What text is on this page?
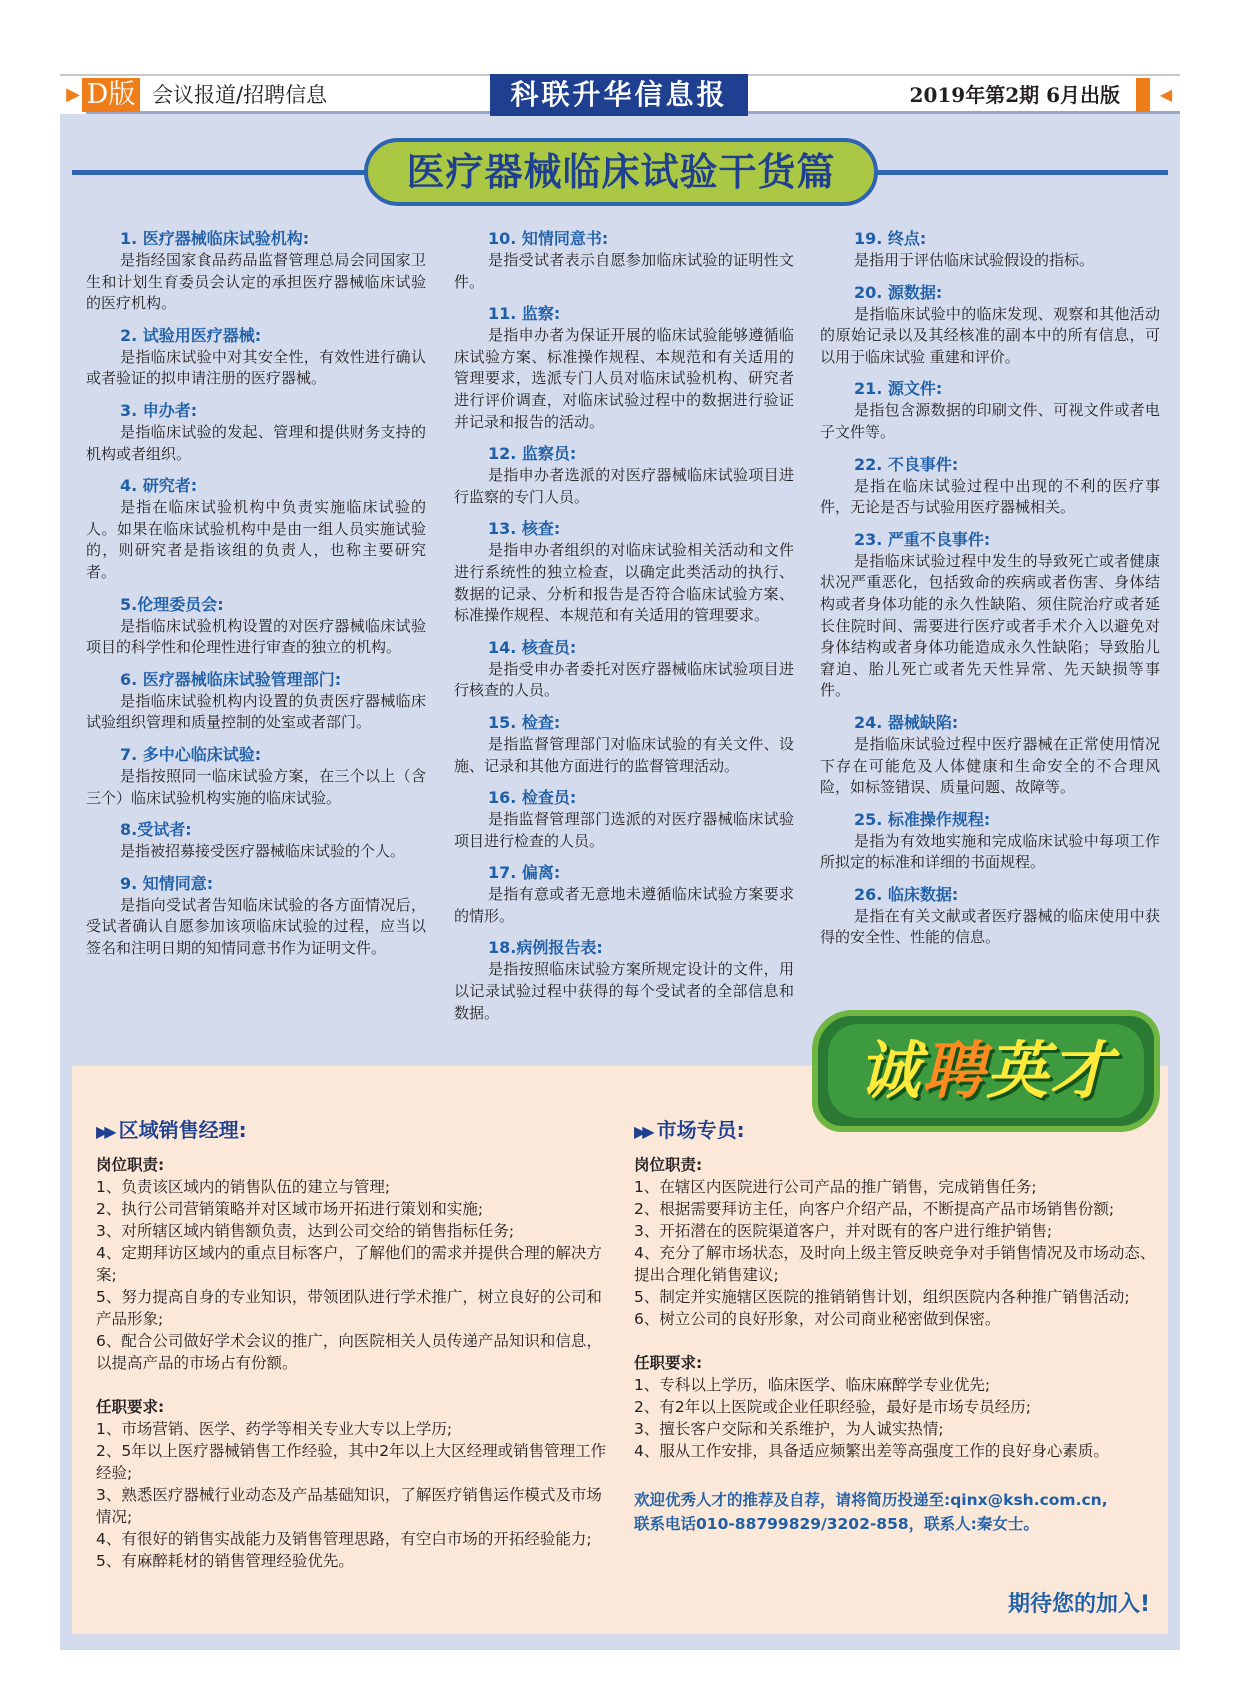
▶ D版 会议报道/招聘信息	科联升华信息报	2019年第2期 6月出版	◀
医疗器械临床试验干货篇
1. 医疗器械临床试验机构:
是指经国家食品药品监督管理总局会同国家卫生和计划生育委员会认定的承担医疗器械临床试验的医疗机构。
2. 试验用医疗器械:
是指临床试验中对其安全性，有效性进行确认或者验证的拟申请注册的医疗器械。
3. 申办者:
是指临床试验的发起、管理和提供财务支持的机构或者组织。
4. 研究者:
是指在临床试验机构中负责实施临床试验的人。如果在临床试验机构中是由一组人员实施试验的，则研究者是指该组的负责人，也称主要研究者。
5.伦理委员会:
是指临床试验机构设置的对医疗器械临床试验项目的科学性和伦理性进行审查的独立的机构。
6. 医疗器械临床试验管理部门:
是指临床试验机构内设置的负责医疗器械临床试验组织管理和质量控制的处室或者部门。
7. 多中心临床试验:
是指按照同一临床试验方案，在三个以上（含三个）临床试验机构实施的临床试验。
8.受试者:
是指被招募接受医疗器械临床试验的个人。
9. 知情同意:
是指向受试者告知临床试验的各方面情况后，受试者确认自愿参加该项临床试验的过程，应当以签名和注明日期的知情同意书作为证明文件。
10. 知情同意书:
是指受试者表示自愿参加临床试验的证明性文件。
11. 监察:
是指申办者为保证开展的临床试验能够遵循临床试验方案、标准操作规程、本规范和有关适用的管理要求，选派专门人员对临床试验机构、研究者进行评价调查，对临床试验过程中的数据进行验证并记录和报告的活动。
12. 监察员:
是指申办者选派的对医疗器械临床试验项目进行监察的专门人员。
13. 核查:
是指申办者组织的对临床试验相关活动和文件进行系统性的独立检查，以确定此类活动的执行、数据的记录、分析和报告是否符合临床试验方案、标准操作规程、本规范和有关适用的管理要求。
14. 核查员:
是指受申办者委托对医疗器械临床试验项目进行核查的人员。
15. 检查:
是指监督管理部门对临床试验的有关文件、设施、记录和其他方面进行的监督管理活动。
16. 检查员:
是指监督管理部门选派的对医疗器械临床试验项目进行检查的人员。
17. 偏离:
是指有意或者无意地未遵循临床试验方案要求的情形。
18.病例报告表:
是指按照临床试验方案所规定设计的文件，用以记录试验过程中获得的每个受试者的全部信息和数据。
19. 终点:
是指用于评估临床试验假设的指标。
20. 源数据:
是指临床试验中的临床发现、观察和其他活动的原始记录以及其经核准的副本中的所有信息，可以用于临床试验 重建和评价。
21. 源文件:
是指包含源数据的印刷文件、可视文件或者电子文件等。
22. 不良事件:
是指在临床试验过程中出现的不利的医疗事件，无论是否与试验用医疗器械相关。
23. 严重不良事件:
是指临床试验过程中发生的导致死亡或者健康状况严重恶化，包括致命的疾病或者伤害、身体结构或者身体功能的永久性缺陷、须住院治疗或者延长住院时间、需要进行医疗或者手术介入以避免对身体结构或者身体功能造成永久性缺陷；导致胎儿窘迫、胎儿死亡或者先天性异常、先天缺损等事件。
24. 器械缺陷:
是指临床试验过程中医疗器械在正常使用情况下存在可能危及人体健康和生命安全的不合理风险，如标签错误、质量问题、故障等。
25. 标准操作规程:
是指为有效地实施和完成临床试验中每项工作所拟定的标准和详细的书面规程。
26. 临床数据:
是指在有关文献或者医疗器械的临床使用中获得的安全性、性能的信息。
诚聘英才
▶▶ 区域销售经理:
岗位职责:
1、负责该区域内的销售队伍的建立与管理;
2、执行公司营销策略并对区域市场开拓进行策划和实施;
3、对所辖区域内销售额负责，达到公司交给的销售指标任务;
4、定期拜访区域内的重点目标客户，了解他们的需求并提供合理的解决方案;
5、努力提高自身的专业知识，带领团队进行学术推广，树立良好的公司和产品形象;
6、配合公司做好学术会议的推广，向医院相关人员传递产品知识和信息，以提高产品的市场占有份额。
任职要求:
1、市场营销、医学、药学等相关专业大专以上学历;
2、5年以上医疗器械销售工作经验，其中2年以上大区经理或销售管理工作经验;
3、熟悉医疗器械行业动态及产品基础知识，了解医疗销售运作模式及市场情况;
4、有很好的销售实战能力及销售管理思路，有空白市场的开拓经验能力;
5、有麻醉耗材的销售管理经验优先。
▶▶ 市场专员:
岗位职责:
1、在辖区内医院进行公司产品的推广销售，完成销售任务;
2、根据需要拜访主任，向客户介绍产品，不断提高产品市场销售份额;
3、开拓潜在的医院渠道客户，并对既有的客户进行维护销售;
4、充分了解市场状态，及时向上级主管反映竞争对手销售情况及市场动态、提出合理化销售建议;
5、制定并实施辖区医院的推销销售计划，组织医院内各种推广销售活动;
6、树立公司的良好形象，对公司商业秘密做到保密。
任职要求:
1、专科以上学历，临床医学、临床麻醉学专业优先;
2、有2年以上医院或企业任职经验，最好是市场专员经历;
3、擅长客户交际和关系维护，为人诚实热情;
4、服从工作安排，具备适应频繁出差等高强度工作的良好身心素质。
欢迎优秀人才的推荐及自荐，请将简历投递至:qinx@ksh.com.cn,
联系电话010-88799829/3202-858，联系人:秦女士。
期待您的加入!
